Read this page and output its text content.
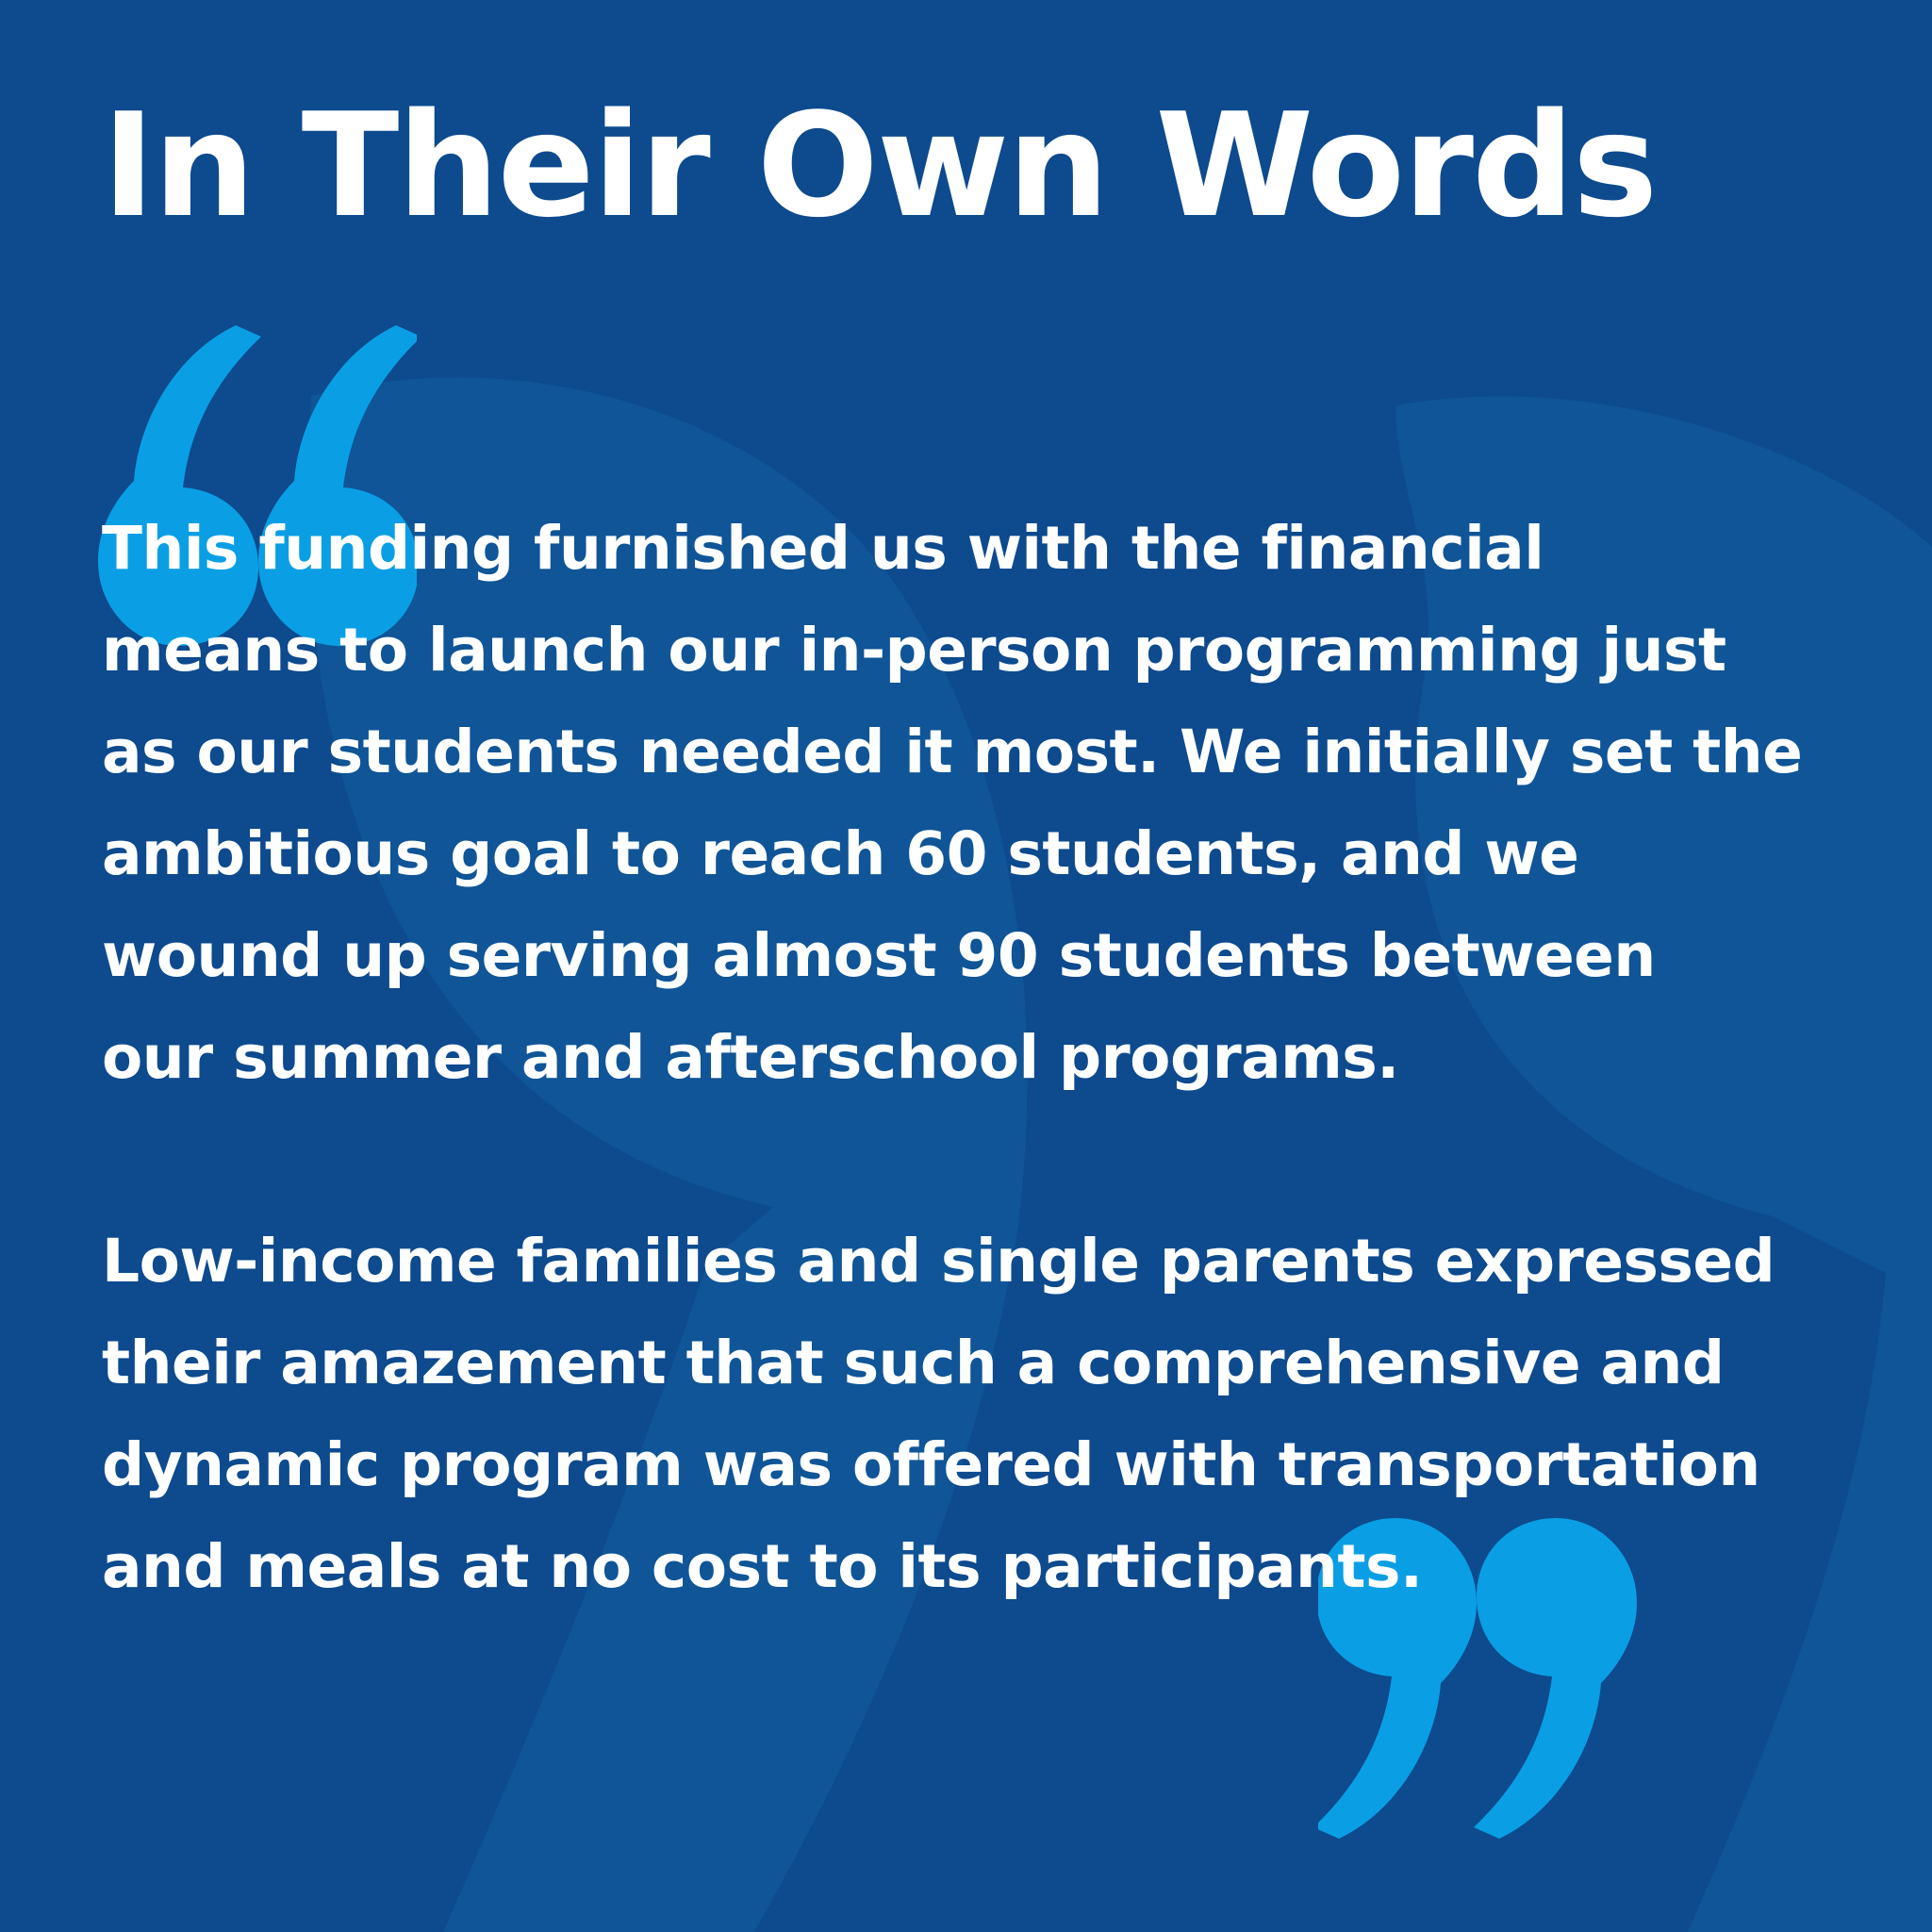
In Their Own Words

This funding furnished us with the financial
means to launch our in-person programming just
as our students needed it most. We initially set the
ambitious goal to reach 60 students, and we
wound up serving almost 90 students between
our summer and afterschool programs.

Low-income families and single parents expressed
their amazement that such a comprehensive and
dynamic program was offered with transportation
and meals at no cost to its participants.
